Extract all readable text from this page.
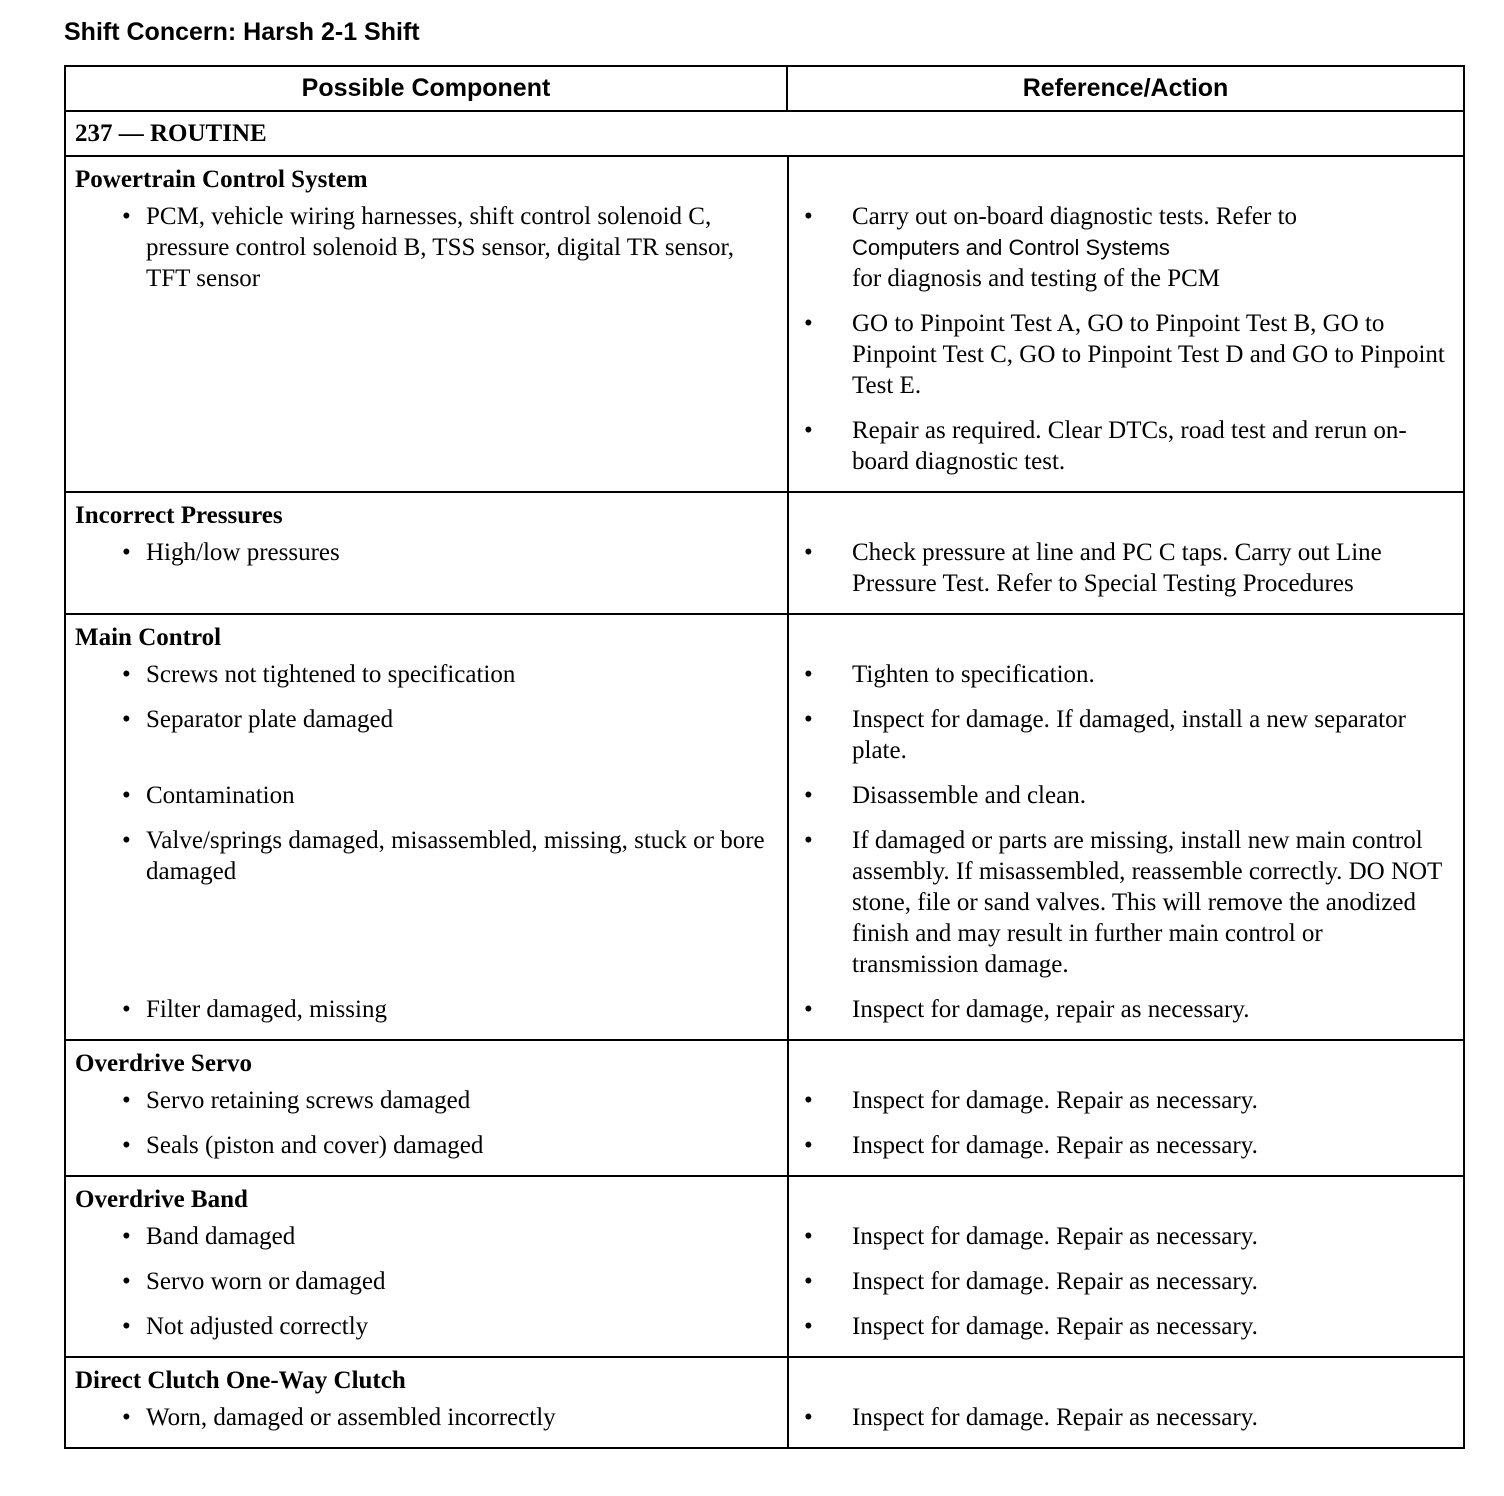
Shift Concern: Harsh 2-1 Shift
Possible Component	Reference/Action
237 — ROUTINE
Powertrain Control System
• PCM, vehicle wiring harnesses, shift control solenoid C, pressure control solenoid B, TSS sensor, digital TR sensor, TFT sensor
•	Carry out on-board diagnostic tests. Refer to
Computers and Control Systems
for diagnosis and testing of the PCM
•	GO to Pinpoint Test A, GO to Pinpoint Test B, GO to Pinpoint Test C, GO to Pinpoint Test D and GO to Pinpoint Test E.
•	Repair as required. Clear DTCs, road test and rerun on-board diagnostic test.
Incorrect Pressures
• High/low pressures	•	Check pressure at line and PC C taps. Carry out Line Pressure Test. Refer to Special Testing Procedures
Main Control
• Screws not tightened to specification	•	Tighten to specification.
• Separator plate damaged	•	Inspect for damage. If damaged, install a new separator plate.
• Contamination	•	Disassemble and clean.
• Valve/springs damaged, misassembled, missing, stuck or bore damaged
•	If damaged or parts are missing, install new main control assembly. If misassembled, reassemble correctly. DO NOT stone, file or sand valves. This will remove the anodized finish and may result in further main control or transmission damage.
• Filter damaged, missing	•	Inspect for damage, repair as necessary.
Overdrive Servo
• Servo retaining screws damaged	•	Inspect for damage. Repair as necessary.
• Seals (piston and cover) damaged	•	Inspect for damage. Repair as necessary.
Overdrive Band
• Band damaged	•	Inspect for damage. Repair as necessary.
• Servo worn or damaged	•	Inspect for damage. Repair as necessary.
• Not adjusted correctly	•	Inspect for damage. Repair as necessary.
Direct Clutch One-Way Clutch
• Worn, damaged or assembled incorrectly	•	Inspect for damage. Repair as necessary.
